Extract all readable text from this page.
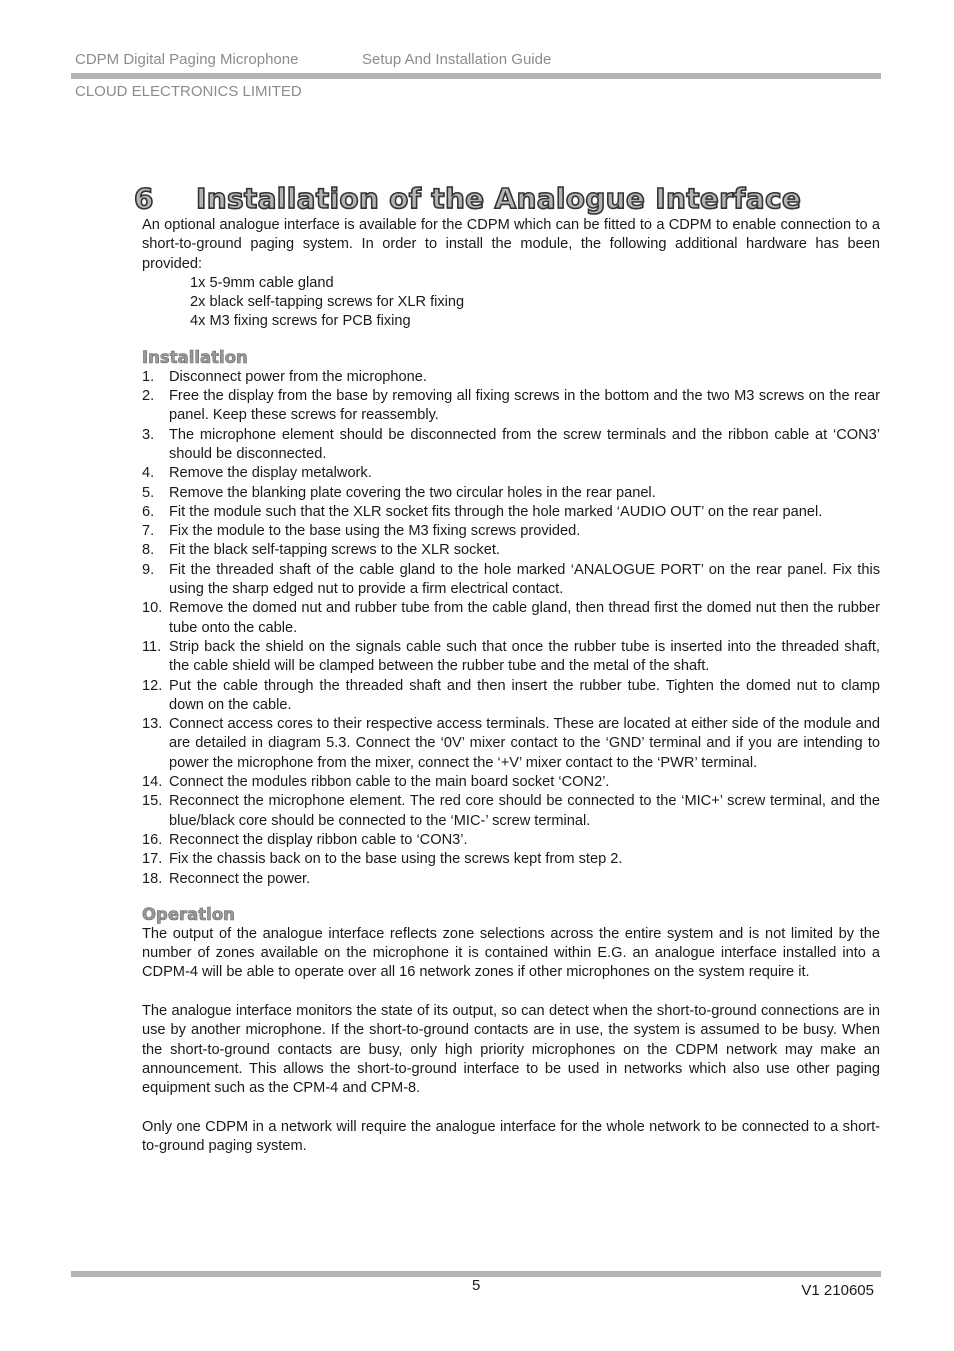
CDPM Digital Paging Microphone	Setup And Installation Guide
CLOUD ELECTRONICS LIMITED
6 Installation of the Analogue Interface

An optional analogue interface is available for the CDPM which can be fitted to a CDPM to enable connection to a short-to-ground paging system. In order to install the module, the following additional hardware has been provided:

1x 5-9mm cable gland
2x black self-tapping screws for XLR fixing
4x M3 fixing screws for PCB fixing
Installation
1.	Disconnect power from the microphone.
2.	Free the display from the base by removing all fixing screws in the bottom and the two M3 screws on the rear panel. Keep these screws for reassembly.
3.	The microphone element should be disconnected from the screw terminals and the ribbon cable at ‘CON3’ should be disconnected.
4.	Remove the display metalwork.
5.	Remove the blanking plate covering the two circular holes in the rear panel.
6.	Fit the module such that the XLR socket fits through the hole marked ‘AUDIO OUT’ on the rear panel.
7.	Fix the module to the base using the M3 fixing screws provided.
8.	Fit the black self-tapping screws to the XLR socket.
9.	Fit the threaded shaft of the cable gland to the hole marked ‘ANALOGUE PORT’ on the rear panel. Fix this using the sharp edged nut to provide a firm electrical contact.
10. Remove the domed nut and rubber tube from the cable gland, then thread first the domed nut then the rubber tube onto the cable.
11. Strip back the shield on the signals cable such that once the rubber tube is inserted into the threaded shaft, the cable shield will be clamped between the rubber tube and the metal of the shaft.
12. Put the cable through the threaded shaft and then insert the rubber tube. Tighten the domed nut to clamp down on the cable.
13. Connect access cores to their respective access terminals. These are located at either side of the module and are detailed in diagram 5.3. Connect the ‘0V’ mixer contact to the ‘GND’ terminal and if you are intending to power the microphone from the mixer, connect the ‘+V’ mixer contact to the ‘PWR’ terminal.
14. Connect the modules ribbon cable to the main board socket ‘CON2’.
15. Reconnect the microphone element. The red core should be connected to the ‘MIC+’ screw terminal, and the blue/black core should be connected to the ‘MIC-’ screw terminal.
16. Reconnect the display ribbon cable to ‘CON3’.
17. Fix the chassis back on to the base using the screws kept from step 2.
18. Reconnect the power.
Operation

The output of the analogue interface reflects zone selections across the entire system and is not limited by the number of zones available on the microphone it is contained within E.G. an analogue interface installed into a CDPM-4 will be able to operate over all 16 network zones if other microphones on the system require it.

The analogue interface monitors the state of its output, so can detect when the short-to-ground connections are in use by another microphone. If the short-to-ground contacts are in use, the system is assumed to be busy. When the short-to-ground contacts are busy, only high priority microphones on the CDPM network may make an announcement. This allows the short-to-ground interface to be used in networks which also use other paging equipment such as the CPM-4 and CPM-8.

Only one CDPM in a network will require the analogue interface for the whole network to be connected to a short-to-ground paging system.

5	V1 210605
